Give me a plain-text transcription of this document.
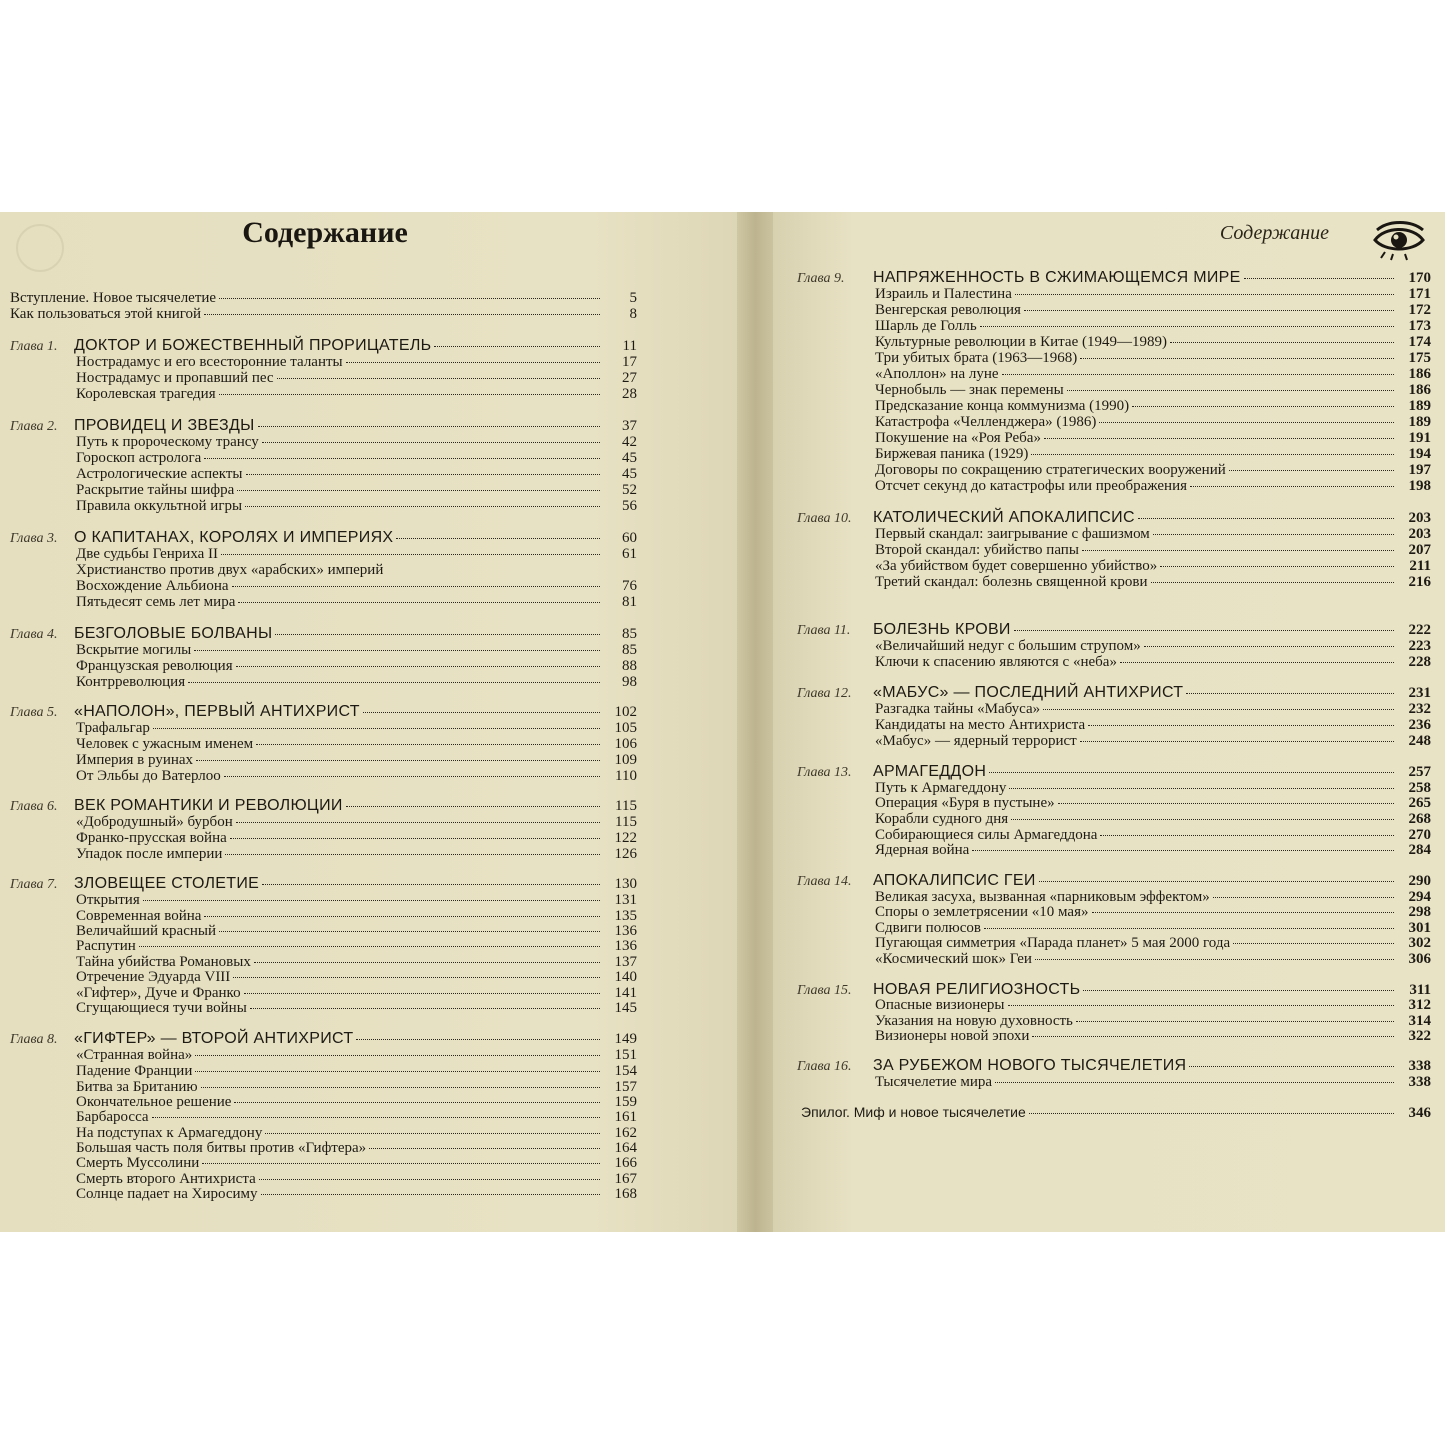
Содержание
Вступление. Новое тысячелетие	5
Как пользоваться этой книгой	8
Глава 1.	ДОКТОР И БОЖЕСТВЕННЫЙ ПРОРИЦАТЕЛЬ	11
Нострадамус и его всесторонние таланты	17
Нострадамус и пропавший пес	27
Королевская трагедия	28
Глава 2.	ПРОВИДЕЦ И ЗВЕЗДЫ	37
Путь к пророческому трансу	42
Гороскоп астролога	45
Астрологические аспекты	45
Раскрытие тайны шифра	52
Правила оккультной игры	56
Глава 3.	О КАПИТАНАХ, КОРОЛЯХ И ИМПЕРИЯХ	60
Две судьбы Генриха II	61
Христианство против двух «арабских» империй
Восхождение Альбиона	76
Пятьдесят семь лет мира	81
Глава 4.	БЕЗГОЛОВЫЕ БОЛВАНЫ	85
Вскрытие могилы	85
Французская революция	88
Контрреволюция	98
Глава 5.	«НАПОЛОН», ПЕРВЫЙ АНТИХРИСТ	102
Трафальгар	105
Человек с ужасным именем	106
Империя в руинах	109
От Эльбы до Ватерлоо	110
Глава 6.	ВЕК РОМАНТИКИ И РЕВОЛЮЦИИ	115
«Добродушный» бурбон	115
Франко-прусская война	122
Упадок после империи	126
Глава 7.	ЗЛОВЕЩЕЕ СТОЛЕТИЕ	130
Открытия	131
Современная война	135
Величайший красный	136
Распутин	136
Тайна убийства Романовых	137
Отречение Эдуарда VIII	140
«Гифтер», Дуче и Франко	141
Сгущающиеся тучи войны	145
Глава 8.	«ГИФТЕР» — ВТОРОЙ АНТИХРИСТ	149
«Странная война»	151
Падение Франции	154
Битва за Британию	157
Окончательное решение	159
Барбаросса	161
На подступах к Армагеддону	162
Большая часть поля битвы против «Гифтера»	164
Смерть Муссолини	166
Смерть второго Антихриста	167
Солнце падает на Хиросиму	168
Содержание
Глава 9.	НАПРЯЖЕННОСТЬ В СЖИМАЮЩЕМСЯ МИРЕ	170
Израиль и Палестина	171
Венгерская революция	172
Шарль де Голль	173
Культурные революции в Китае (1949—1989)	174
Три убитых брата (1963—1968)	175
«Аполлон» на луне	186
Чернобыль — знак перемены	186
Предсказание конца коммунизма (1990)	189
Катастрофа «Челленджера» (1986)	189
Покушение на «Роя Реба»	191
Биржевая паника (1929)	194
Договоры по сокращению стратегических вооружений	197
Отсчет секунд до катастрофы или преображения	198
Глава 10.	КАТОЛИЧЕСКИЙ АПОКАЛИПСИС	203
Первый скандал: заигрывание с фашизмом	203
Второй скандал: убийство папы	207
«За убийством будет совершенно убийство»	211
Третий скандал: болезнь священной крови	216
Глава 11.	БОЛЕЗНЬ КРОВИ	222
«Величайший недуг с большим струпом»	223
Ключи к спасению являются с «неба»	228
Глава 12.	«МАБУС» — ПОСЛЕДНИЙ АНТИХРИСТ	231
Разгадка тайны «Мабуса»	232
Кандидаты на место Антихриста	236
«Мабус» — ядерный террорист	248
Глава 13.	АРМАГЕДДОН	257
Путь к Армагеддону	258
Операция «Буря в пустыне»	265
Корабли судного дня	268
Собирающиеся силы Армагеддона	270
Ядерная война	284
Глава 14.	АПОКАЛИПСИС ГЕИ	290
Великая засуха, вызванная «парниковым эффектом»	294
Споры о землетрясении «10 мая»	298
Сдвиги полюсов	301
Пугающая симметрия «Парада планет» 5 мая 2000 года	302
«Космический шок» Геи	306
Глава 15.	НОВАЯ РЕЛИГИОЗНОСТЬ	311
Опасные визионеры	312
Указания на новую духовность	314
Визионеры новой эпохи	322
Глава 16.	ЗА РУБЕЖОМ НОВОГО ТЫСЯЧЕЛЕТИЯ	338
Тысячелетие мира	338
Эпилог. Миф и новое тысячелетие	346
